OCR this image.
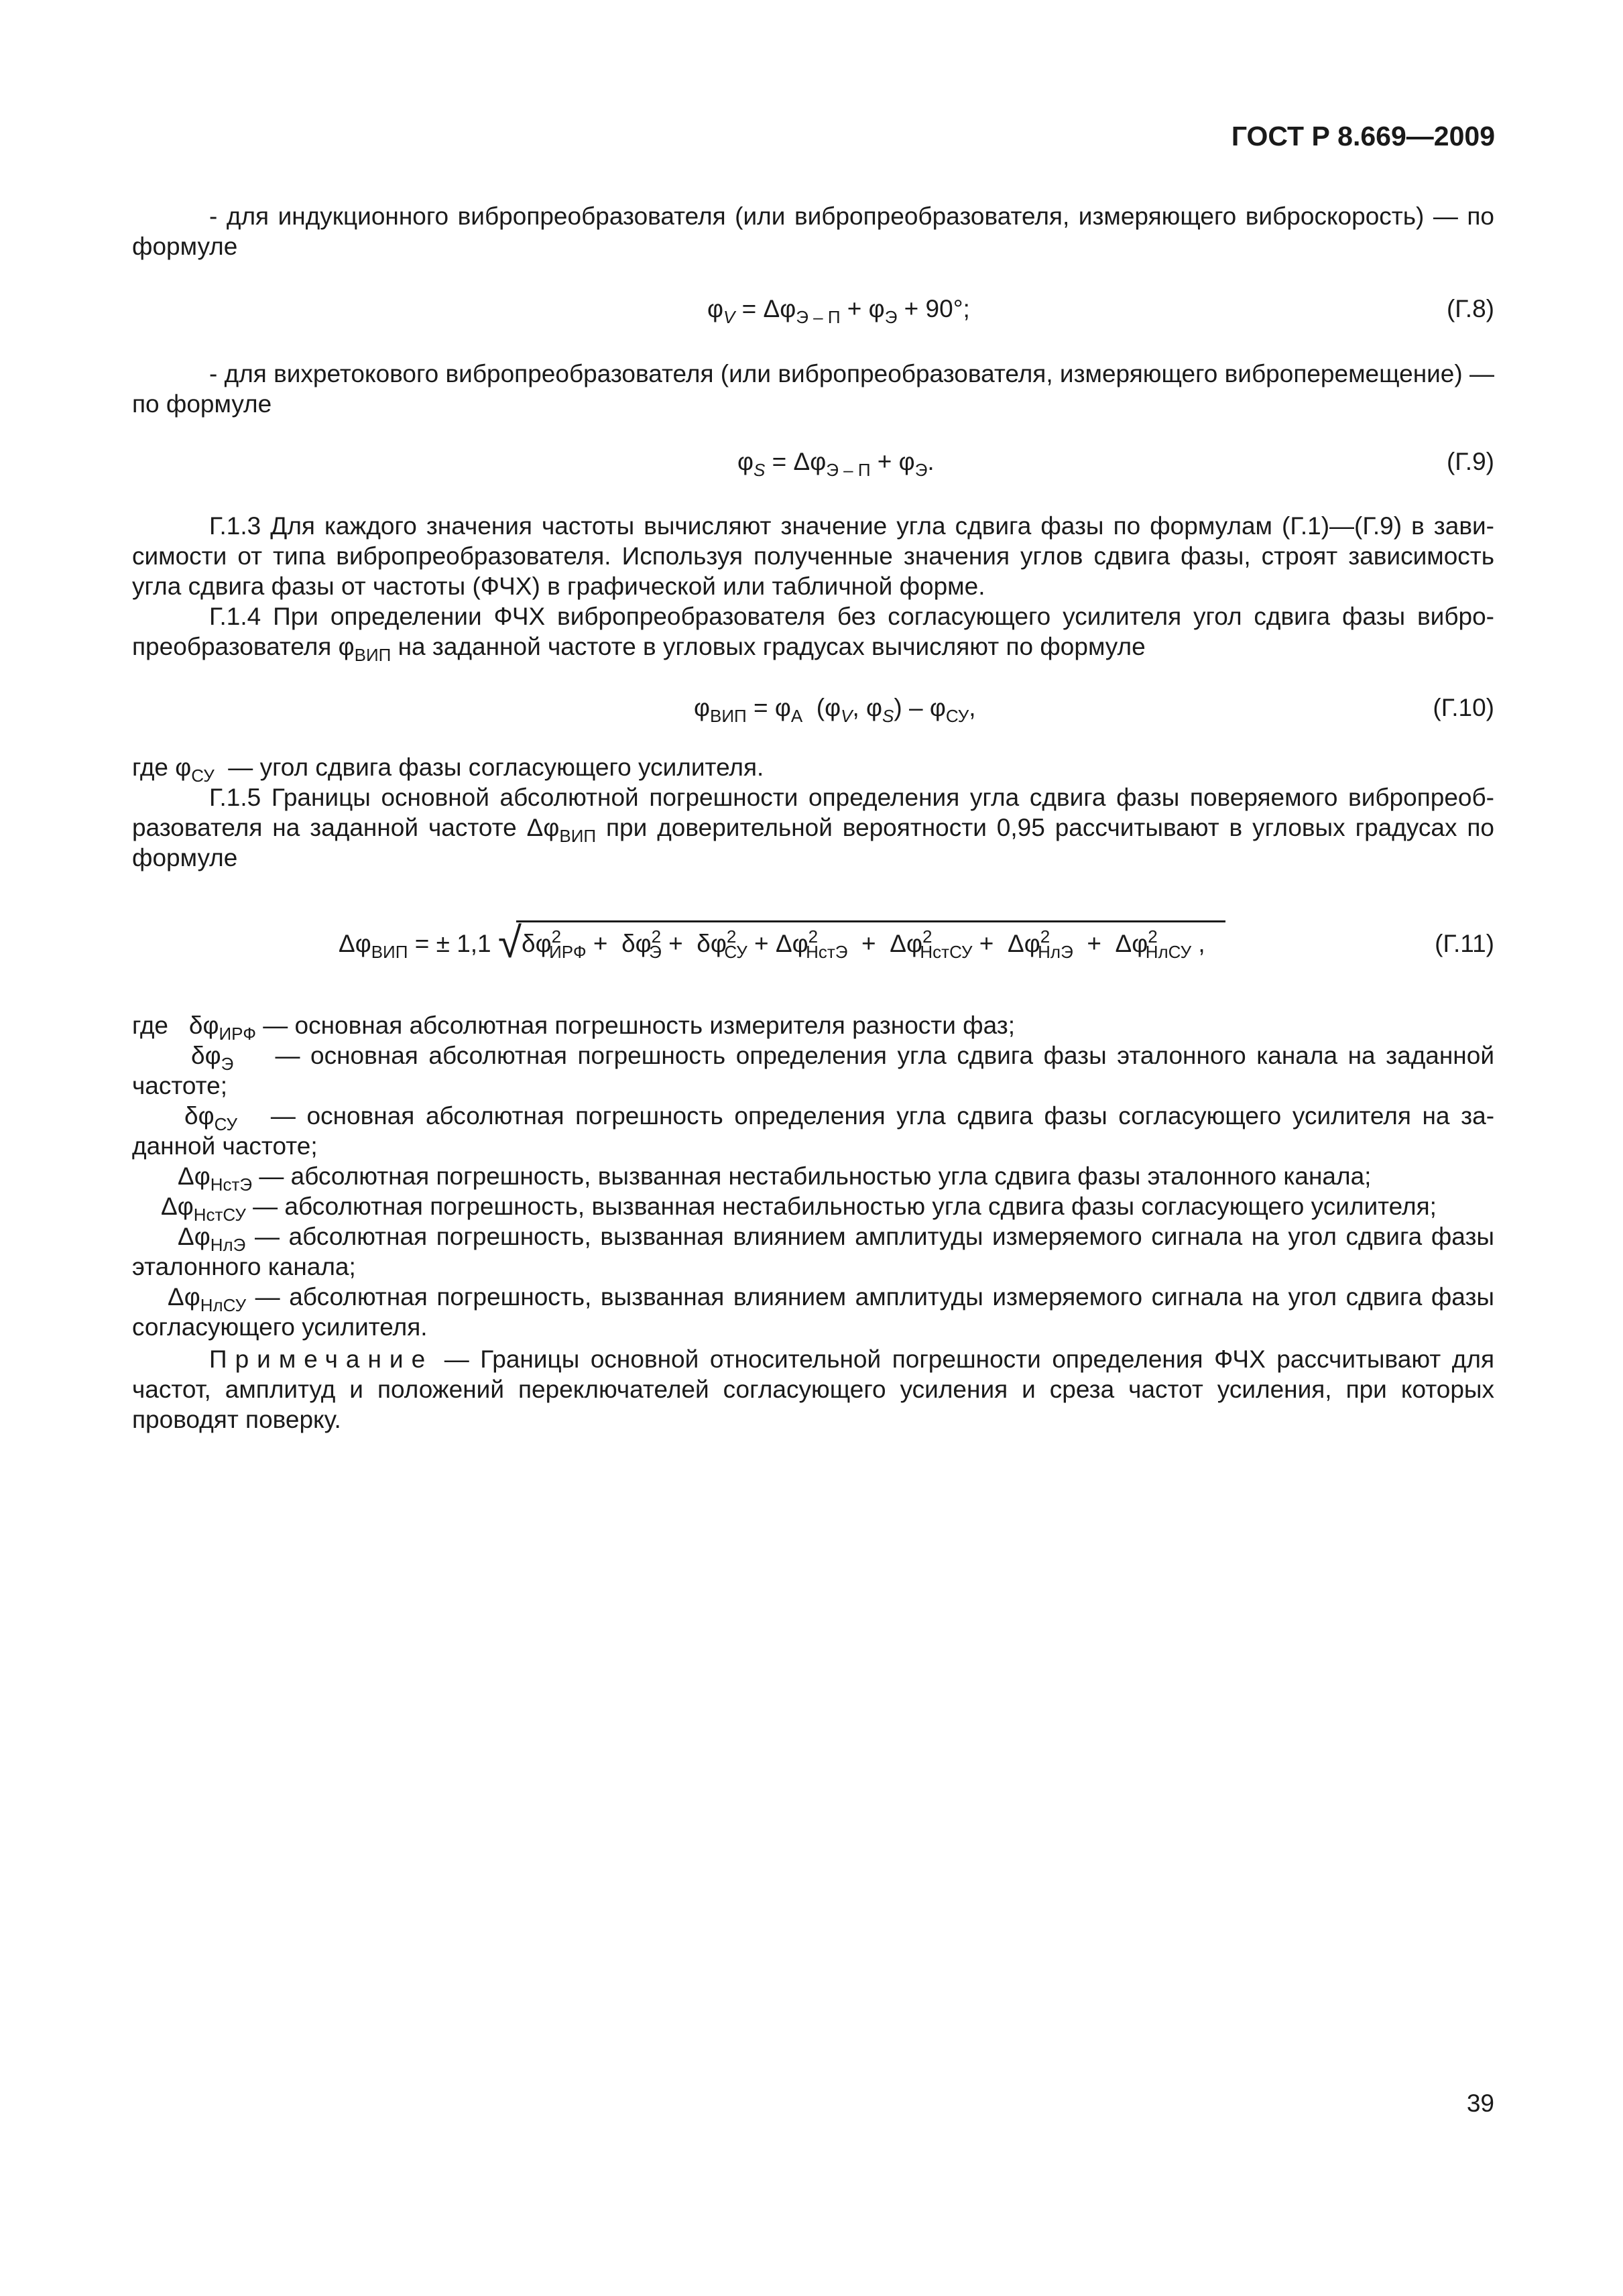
ГОСТ Р 8.669—2009

- для индукционного вибропреобразователя (или вибропреобразователя, измеряющего виброскорость) — по формуле

$\varphi_V = \Delta\varphi_{Э - П} + \varphi_Э + 90^\circ$;	(Г.8)

- для вихретокового вибропреобразователя (или вибропреобразователя, измеряющего виброперемещение) — по формуле

$\varphi_S = \Delta\varphi_{Э - П} + \varphi_Э$.	(Г.9)

Г.1.3 Для каждого значения частоты вычисляют значение угла сдвига фазы по формулам (Г.1)—(Г.9) в зависимости от типа вибропреобразователя. Используя полученные значения углов сдвига фазы, строят зависимость угла сдвига фазы от частоты (ФЧХ) в графической или табличной форме.

Г.1.4 При определении ФЧХ вибропреобразователя без согласующего усилителя угол сдвига фазы вибропреобразователя $\varphi_{ВИП}$ на заданной частоте в угловых градусах вычисляют по формуле

$\varphi_{ВИП} = \varphi_А$  ($\varphi_V$, $\varphi_S) - \varphi_{СУ}$,	(Г.10)

где $\varphi_{СУ}$ — угол сдвига фазы согласующего усилителя.

Г.1.5 Границы основной абсолютной погрешности определения угла сдвига фазы поверяемого вибропреобразователя на заданной частоте $\Delta\varphi_{ВИП}$ при доверительной вероятности 0,95 рассчитывают в угловых градусах по формуле

$\Delta\varphi_{ВИП}$ = ± 1,1 $√\delta\varphi^2_{ИРФ} + \delta\varphi^2_Э + \delta\varphi^2_{СУ} + \Delta\varphi^2_{НстЭ} + \Delta\varphi^2_{НстСУ} + \Delta\varphi^2_{НлЭ} + \Delta\varphi^2_{НлСУ}$ ,	(Г.11)
где   $\delta\varphi_{ИРФ}$ — основная абсолютная погрешность измерителя разности фаз;
$\delta\varphi_Э$ — основная абсолютная погрешность определения угла сдвига фазы эталонного канала на заданной частоте;
$\delta\varphi_{СУ}$ — основная абсолютная погрешность определения угла сдвига фазы согласующего усилителя на заданной частоте;
$\Delta\varphi_{НстЭ}$ — абсолютная погрешность, вызванная нестабильностью угла сдвига фазы эталонного канала;
$\Delta\varphi_{НстСУ}$ — абсолютная погрешность, вызванная нестабильностью угла сдвига фазы согласующего усилителя;
$\Delta\varphi_{НлЭ}$ — абсолютная погрешность, вызванная влиянием амплитуды измеряемого сигнала на угол сдвига фазы эталонного канала;
$\Delta\varphi_{НлСУ}$ — абсолютная погрешность, вызванная влиянием амплитуды измеряемого сигнала на угол сдвига фазы согласующего усилителя.

Примечание — Границы основной относительной погрешности определения ФЧХ рассчитывают для частот, амплитуд и положений переключателей согласующего усиления и среза частот усиления, при которых проводят поверку.

39
